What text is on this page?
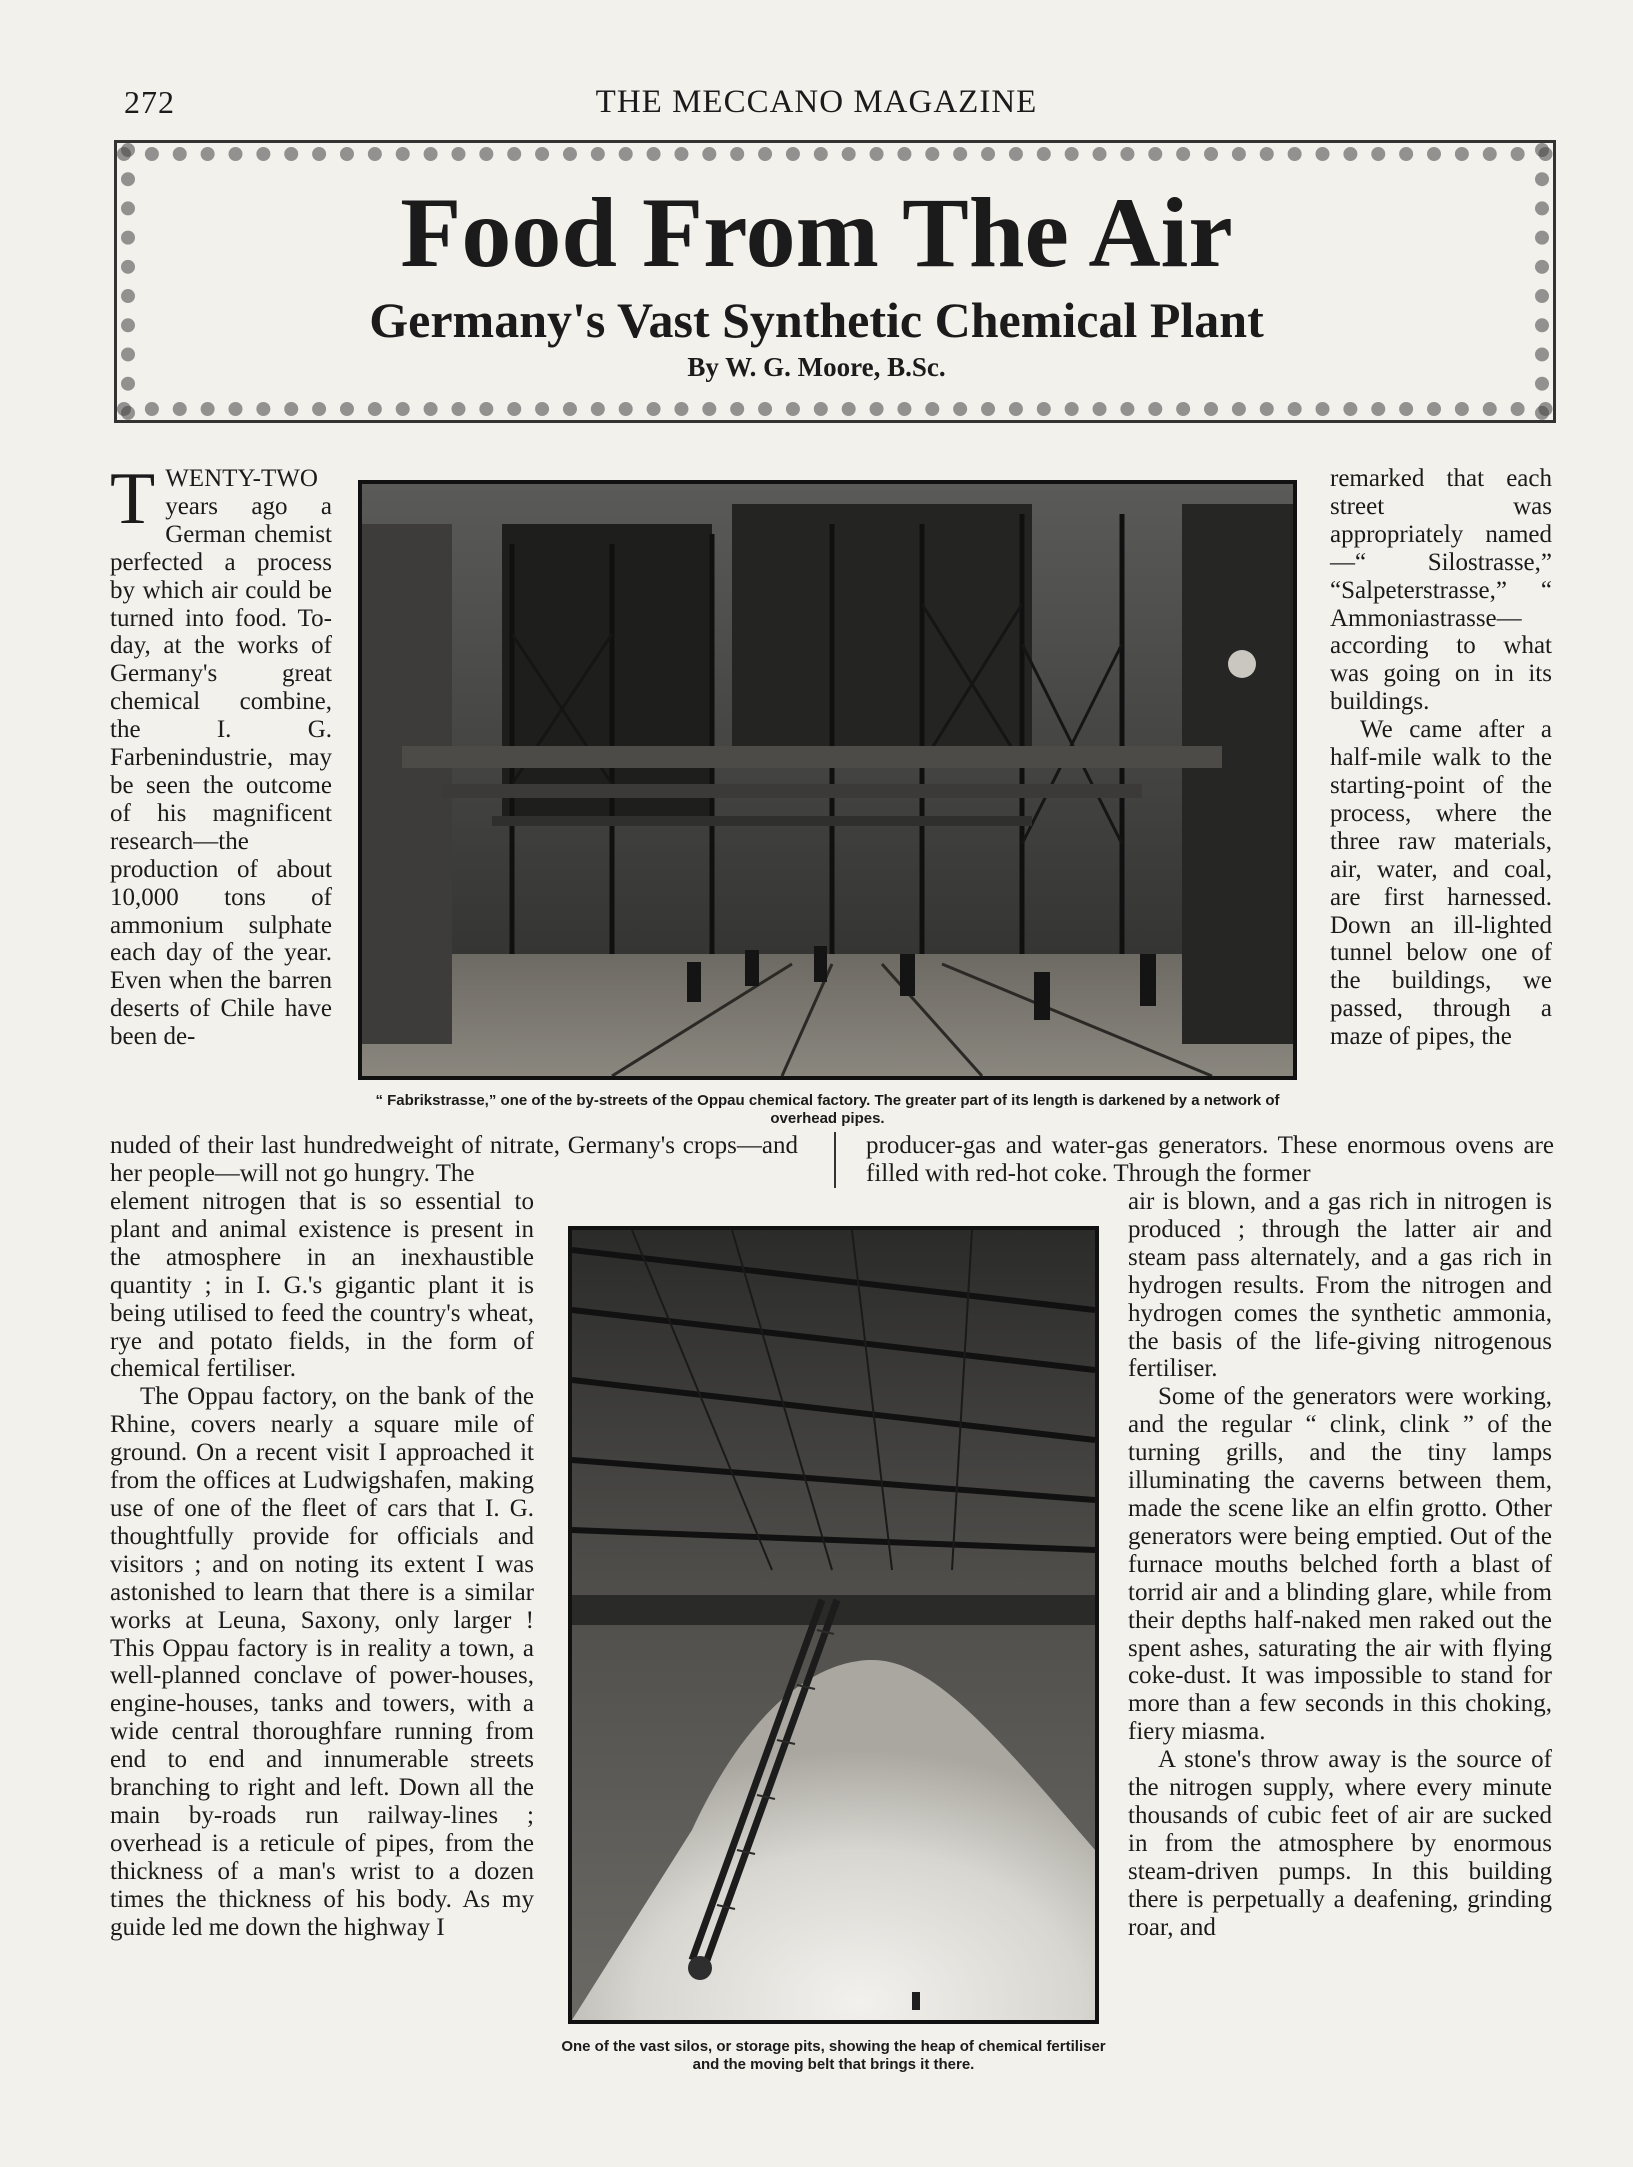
272	THE MECCANO MAGAZINE
Food From The Air
Germany's Vast Synthetic Chemical Plant
By W. G. Moore, B.Sc.
“ Fabrikstrasse,” one of the by-streets of the Oppau chemical factory. The greater part of its length is darkened by a network of overhead pipes.
One of the vast silos, or storage pits, showing the heap of chemical fertiliser and the moving belt that brings it there.

TWENTY-TWO years ago a German chemist perfected a process by which air could be turned into food. To-day, at the works of Germany's great chemical combine, the I. G. Farbenindustrie, may be seen the outcome of his magnificent research—the production of about 10,000 tons of ammonium sulphate each day of the year. Even when the barren deserts of Chile have been de-

nuded of their last hundredweight of nitrate, Germany's crops—and her people—will not go hungry. The
producer-gas and water-gas generators. These enormous ovens are filled with red-hot coke. Through the former

remarked that each street was appropriately named—“ Silostrasse,” “Salpeterstrasse,” “ Ammoniastrasse—according to what was going on in its buildings.

We came after a half-mile walk to the starting-point of the process, where the three raw materials, air, water, and coal, are first harnessed. Down an ill-lighted tunnel below one of the buildings, we passed, through a maze of pipes, the

element nitrogen that is so essential to plant and animal existence is present in the atmosphere in an inexhaustible quantity ; in I. G.'s gigantic plant it is being utilised to feed the country's wheat, rye and potato fields, in the form of chemical fertiliser.

The Oppau factory, on the bank of the Rhine, covers nearly a square mile of ground. On a recent visit I approached it from the offices at Ludwigshafen, making use of one of the fleet of cars that I. G. thoughtfully provide for officials and visitors ; and on noting its extent I was astonished to learn that there is a similar works at Leuna, Saxony, only larger ! This Oppau factory is in reality a town, a well-planned conclave of power-houses, engine-houses, tanks and towers, with a wide central thoroughfare running from end to end and innumerable streets branching to right and left. Down all the main by-roads run railway-lines ; overhead is a reticule of pipes, from the thickness of a man's wrist to a dozen times the thickness of his body. As my guide led me down the highway I

air is blown, and a gas rich in nitrogen is produced ; through the latter air and steam pass alternately, and a gas rich in hydrogen results. From the nitrogen and hydrogen comes the synthetic ammonia, the basis of the life-giving nitrogenous fertiliser.

Some of the generators were working, and the regular “ clink, clink ” of the turning grills, and the tiny lamps illuminating the caverns between them, made the scene like an elfin grotto. Other generators were being emptied. Out of the furnace mouths belched forth a blast of torrid air and a blinding glare, while from their depths half-naked men raked out the spent ashes, saturating the air with flying coke-dust. It was impossible to stand for more than a few seconds in this choking, fiery miasma.

A stone's throw away is the source of the nitrogen supply, where every minute thousands of cubic feet of air are sucked in from the atmosphere by enormous steam-driven pumps. In this building there is perpetually a deafening, grinding roar, and
